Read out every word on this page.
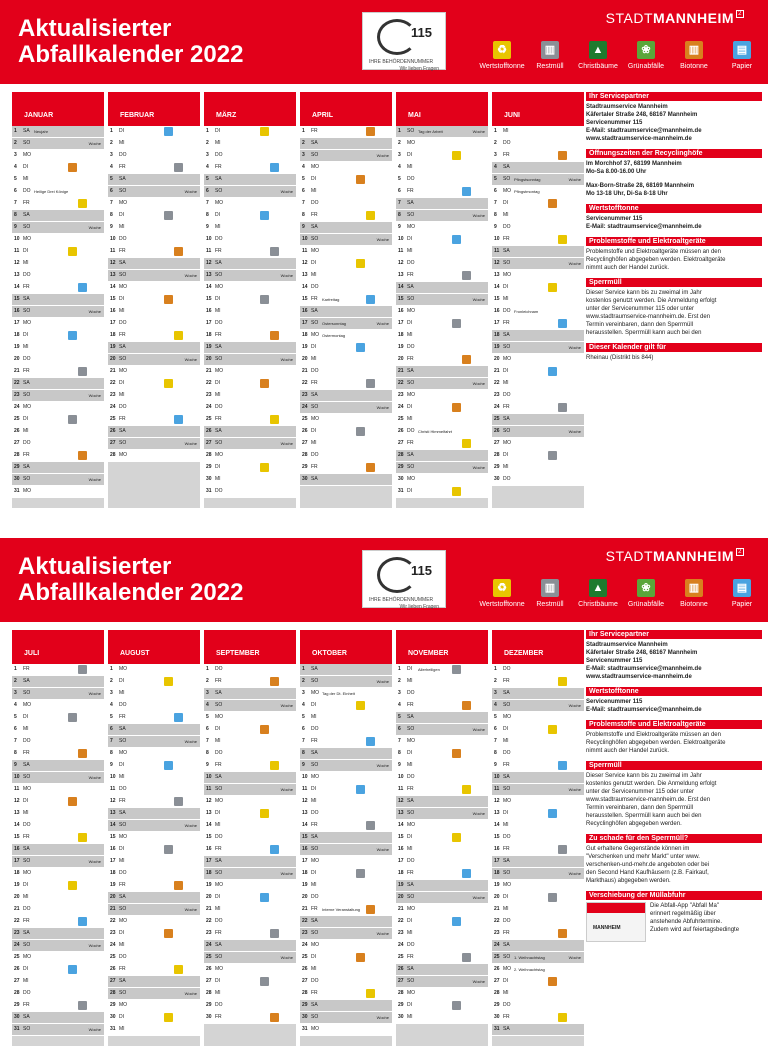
Aktualisierter
Abfallkalender 2022
115
IHRE BEHÖRDENNUMMER
Wir lieben Fragen
STADTMANNHEIM 2
♻
Wertstofftonne
▥
Restmüll
▲
Christbäume
❀
Grünabfälle
▥
Biotonne
▤
Papier
JANUAR
1	SA Neujahr
2	SO	Woche
3	MO
4	DI
5	MI
6	DO Heilige Drei Könige
7	FR
8	SA
9	SO	Woche
10 MO
11 DI
12 MI
13 DO
14 FR
15 SA
16 SO	Woche
17 MO
18 DI
19 MI
20 DO
21 FR
22 SA
23 SO	Woche
24 MO
25 DI
26 MI
27 DO
28 FR
29 SA
30 SO	Woche
31 MO
FEBRUAR
1	DI
2	MI
3	DO
4	FR
5	SA
6	SO	Woche
7	MO
8	DI
9	MI
10 DO
11 FR
12 SA
13 SO	Woche
14 MO
15 DI
16 MI
17 DO
18 FR
19 SA
20 SO	Woche
21 MO
22 DI
23 MI
24 DO
25 FR
26 SA
27 SO	Woche
28 MO
MÄRZ
1	DI
2	MI
3	DO
4	FR
5	SA
6	SO	Woche
7	MO
8	DI
9	MI
10 DO
11 FR
12 SA
13 SO	Woche
14 MO
15 DI
16 MI
17 DO
18 FR
19 SA
20 SO	Woche
21 MO
22 DI
23 MI
24 DO
25 FR
26 SA
27 SO	Woche
28 MO
29 DI
30 MI
31 DO
APRIL
1	FR
2	SA
3	SO	Woche
4	MO
5	DI
6	MI
7	DO
8	FR
9	SA
10 SO	Woche
11 MO
12 DI
13 MI
14 DO
15 FR Karfreitag
16 SA
17 SO Ostersonntag	Woche
18 MO Ostermontag
19 DI
20 MI
21 DO
22 FR
23 SA
24 SO	Woche
25 MO
26 DI
27 MI
28 DO
29 FR
30 SA
MAI
1	SO Tag der Arbeit	Woche
2	MO
3	DI
4	MI
5	DO
6	FR
7	SA
8	SO	Woche
9	MO
10 DI
11 MI
12 DO
13 FR
14 SA
15 SO	Woche
16 MO
17 DI
18 MI
19 DO
20 FR
21 SA
22 SO	Woche
23 MO
24 DI
25 MI
26 DO Christi Himmelfahrt
27 FR
28 SA
29 SO	Woche
30 MO
31 DI
JUNI
1	MI
2	DO
3	FR
4	SA
5	SO Pfingstsonntag	Woche
6	MO Pfingstmontag
7	DI
8	MI
9	DO
10 FR
11 SA
12 SO	Woche
13 MO
14 DI
15 MI
16 DO Fronleichnam
17 FR
18 SA
19 SO	Woche
20 MO
21 DI
22 MI
23 DO
24 FR
25 SA
26 SO	Woche
27 MO
28 DI
29 MI
30 DO
Ihr Servicepartner
Stadtraumservice Mannheim
Käfertaler Straße 248, 68167 Mannheim
Servicenummer 115
E-Mail: stadtraumservice@mannheim.de
www.stadtraumservice-mannheim.de
Öffnungszeiten der Recyclinghöfe
Im Morchhof 37, 68199 Mannheim
Mo-Sa 8.00-16.00 Uhr
Max-Born-Straße 28, 68169 Mannheim
Mo 13-18 Uhr, Di-Sa 8-18 Uhr
Wertstofftonne
Servicenummer 115
E-Mail: stadtraumservice@mannheim.de
Problemstoffe und Elektroaltgeräte
Problemstoffe und Elektroaltgeräte müssen an den
Recyclinghöfen abgegeben werden. Elektroaltgeräte
nimmt auch der Handel zurück.
Sperrmüll
Dieser Service kann bis zu zweimal im Jahr
kostenlos genutzt werden. Die Anmeldung erfolgt
unter der Servicenummer 115 oder unter
www.stadtraumservice-mannheim.de. Erst den
Termin vereinbaren, dann den Sperrmüll
herausstellen. Sperrmüll kann auch bei den
Dieser Kalender gilt für
Rheinau (Distrikt bis 844)
Aktualisierter
Abfallkalender 2022
115
IHRE BEHÖRDENNUMMER
Wir lieben Fragen
STADTMANNHEIM 2
♻
Wertstofftonne
▥
Restmüll
▲
Christbäume
❀
Grünabfälle
▥
Biotonne
▤
Papier
JULI
1	FR
2	SA
3	SO	Woche
4	MO
5	DI
6	MI
7	DO
8	FR
9	SA
10 SO	Woche
11 MO
12 DI
13 MI
14 DO
15 FR
16 SA
17 SO	Woche
18 MO
19 DI
20 MI
21 DO
22 FR
23 SA
24 SO	Woche
25 MO
26 DI
27 MI
28 DO
29 FR
30 SA
31 SO	Woche
AUGUST
1	MO
2	DI
3	MI
4	DO
5	FR
6	SA
7	SO	Woche
8	MO
9	DI
10 MI
11 DO
12 FR
13 SA
14 SO	Woche
15 MO
16 DI
17 MI
18 DO
19 FR
20 SA
21 SO	Woche
22 MO
23 DI
24 MI
25 DO
26 FR
27 SA
28 SO	Woche
29 MO
30 DI
31 MI
SEPTEMBER
1	DO
2	FR
3	SA
4	SO	Woche
5	MO
6	DI
7	MI
8	DO
9	FR
10 SA
11 SO	Woche
12 MO
13 DI
14 MI
15 DO
16 FR
17 SA
18 SO	Woche
19 MO
20 DI
21 MI
22 DO
23 FR
24 SA
25 SO	Woche
26 MO
27 DI
28 MI
29 DO
30 FR
OKTOBER
1	SA
2	SO	Woche
3	MO Tag der Dt. Einheit
4	DI
5	MI
6	DO
7	FR
8	SA
9	SO	Woche
10 MO
11 DI
12 MI
13 DO
14 FR
15 SA
16 SO	Woche
17 MO
18 DI
19 MI
20 DO
21 FR Interne Veranstaltung
22 SA
23 SO	Woche
24 MO
25 DI
26 MI
27 DO
28 FR
29 SA
30 SO	Woche
31 MO
NOVEMBER
1	DI Allerheiligen
2	MI
3	DO
4	FR
5	SA
6	SO	Woche
7	MO
8	DI
9	MI
10 DO
11 FR
12 SA
13 SO	Woche
14 MO
15 DI
16 MI
17 DO
18 FR
19 SA
20 SO	Woche
21 MO
22 DI
23 MI
24 DO
25 FR
26 SA
27 SO	Woche
28 MO
29 DI
30 MI
DEZEMBER
1	DO
2	FR
3	SA
4	SO	Woche
5	MO
6	DI
7	MI
8	DO
9	FR
10 SA
11 SO	Woche
12 MO
13 DI
14 MI
15 DO
16 FR
17 SA
18 SO	Woche
19 MO
20 DI
21 MI
22 DO
23 FR
24 SA
25 SO 1. Weihnachtstag	Woche
26 MO 2. Weihnachtstag
27 DI
28 MI
29 DO
30 FR
31 SA
Ihr Servicepartner
Stadtraumservice Mannheim
Käfertaler Straße 248, 68167 Mannheim
Servicenummer 115
E-Mail: stadtraumservice@mannheim.de
www.stadtraumservice-mannheim.de
Wertstofftonne
Servicenummer 115
E-Mail: stadtraumservice@mannheim.de
Problemstoffe und Elektroaltgeräte
Problemstoffe und Elektroaltgeräte müssen an den
Recyclinghöfen abgegeben werden. Elektroaltgeräte
nimmt auch der Handel zurück.
Sperrmüll
Dieser Service kann bis zu zweimal im Jahr
kostenlos genutzt werden. Die Anmeldung erfolgt
unter der Servicenummer 115 oder unter
www.stadtraumservice-mannheim.de. Erst den
Termin vereinbaren, dann den Sperrmüll
herausstellen. Sperrmüll kann auch bei den
Recyclinghöfen abgegeben werden.
Zu schade für den Sperrmüll?
Gut erhaltene Gegenstände können im
"Verschenken und mehr Markt" unter www.
verschenken-und-mehr.de angeboten oder bei
den Second Hand Kaufhäusern (z.B. Fairkauf,
Markthaus) abgegeben werden.
Verschiebung der Müllabfuhr
MANNHEIM
Die Abfall-App "Abfall Ma"
erinnert regelmäßig über
anstehende Abfuhrtermine.
Zudem wird auf feiertagsbedingte
